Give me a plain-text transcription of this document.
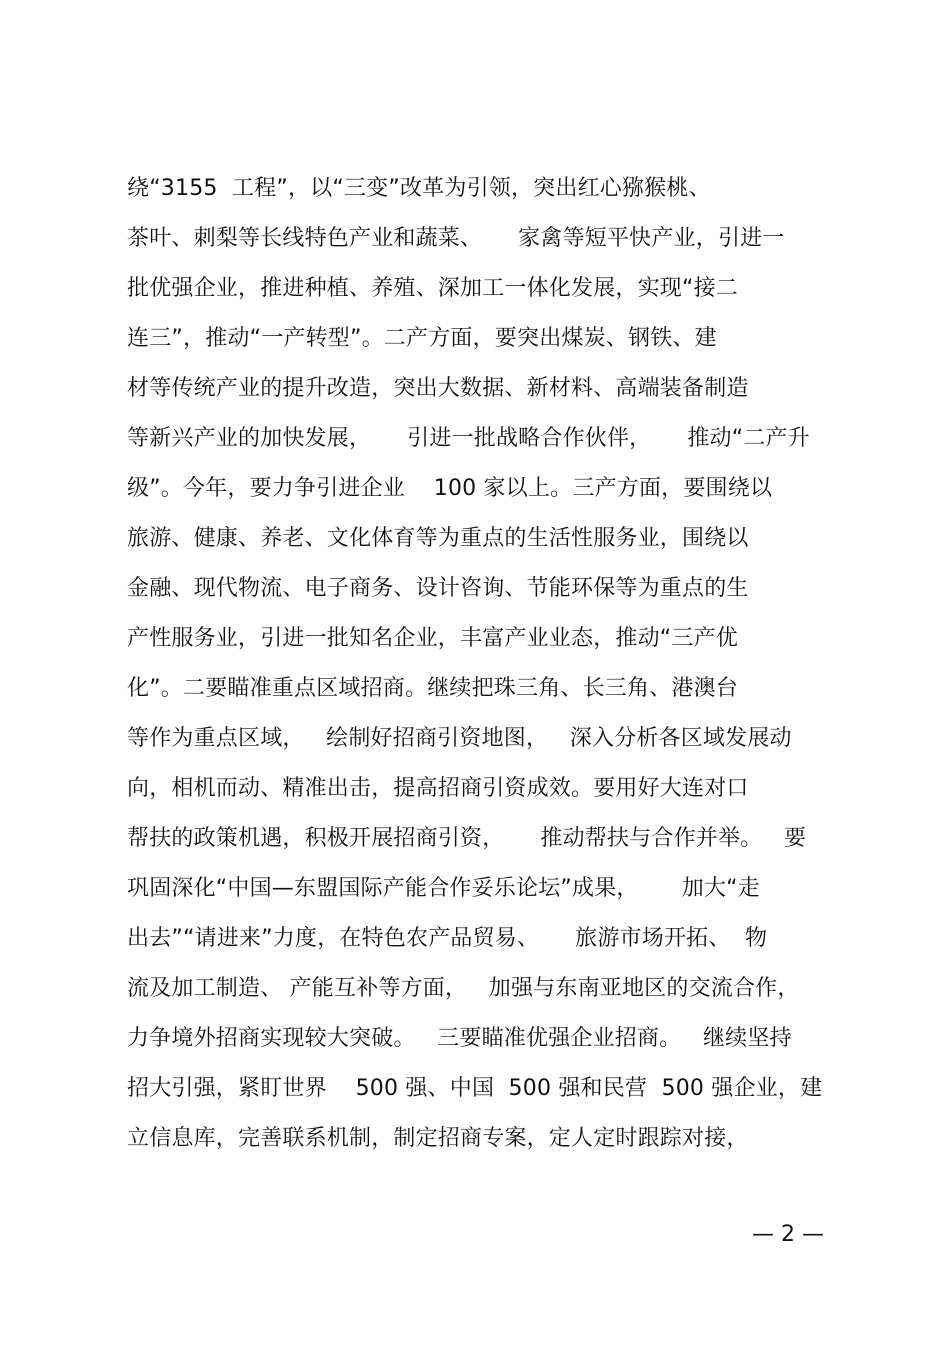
绕“3155  工程”，以“三变”改革为引领，突出红心猕猴桃、
茶叶、刺梨等长线特色产业和蔬菜、     家禽等短平快产业，引进一
批优强企业，推进种植、养殖、深加工一体化发展，实现“接二
连三”，推动“一产转型”。二产方面，要突出煤炭、钢铁、建
材等传统产业的提升改造，突出大数据、新材料、高端装备制造
等新兴产业的加快发展，     引进一批战略合作伙伴，     推动“二产升
级”。今年，要力争引进企业    100 家以上。三产方面，要围绕以
旅游、健康、养老、文化体育等为重点的生活性服务业，围绕以
金融、现代物流、电子商务、设计咨询、节能环保等为重点的生
产性服务业，引进一批知名企业，丰富产业业态，推动“三产优
化”。二要瞄准重点区域招商。继续把珠三角、长三角、港澳台
等作为重点区域，   绘制好招商引资地图，   深入分析各区域发展动
向，相机而动、精准出击，提高招商引资成效。要用好大连对口
帮扶的政策机遇，积极开展招商引资，     推动帮扶与合作并举。   要
巩固深化“中国—东盟国际产能合作妥乐论坛”成果，      加大“走
出去”“请进来”力度，在特色农产品贸易、     旅游市场开拓、  物
流及加工制造、 产能互补等方面，   加强与东南亚地区的交流合作，
力争境外招商实现较大突破。   三要瞄准优强企业招商。   继续坚持
招大引强，紧盯世界    500 强、中国  500 强和民营  500 强企业，建
立信息库，完善联系机制，制定招商专案，定人定时跟踪对接，
— 2 —
